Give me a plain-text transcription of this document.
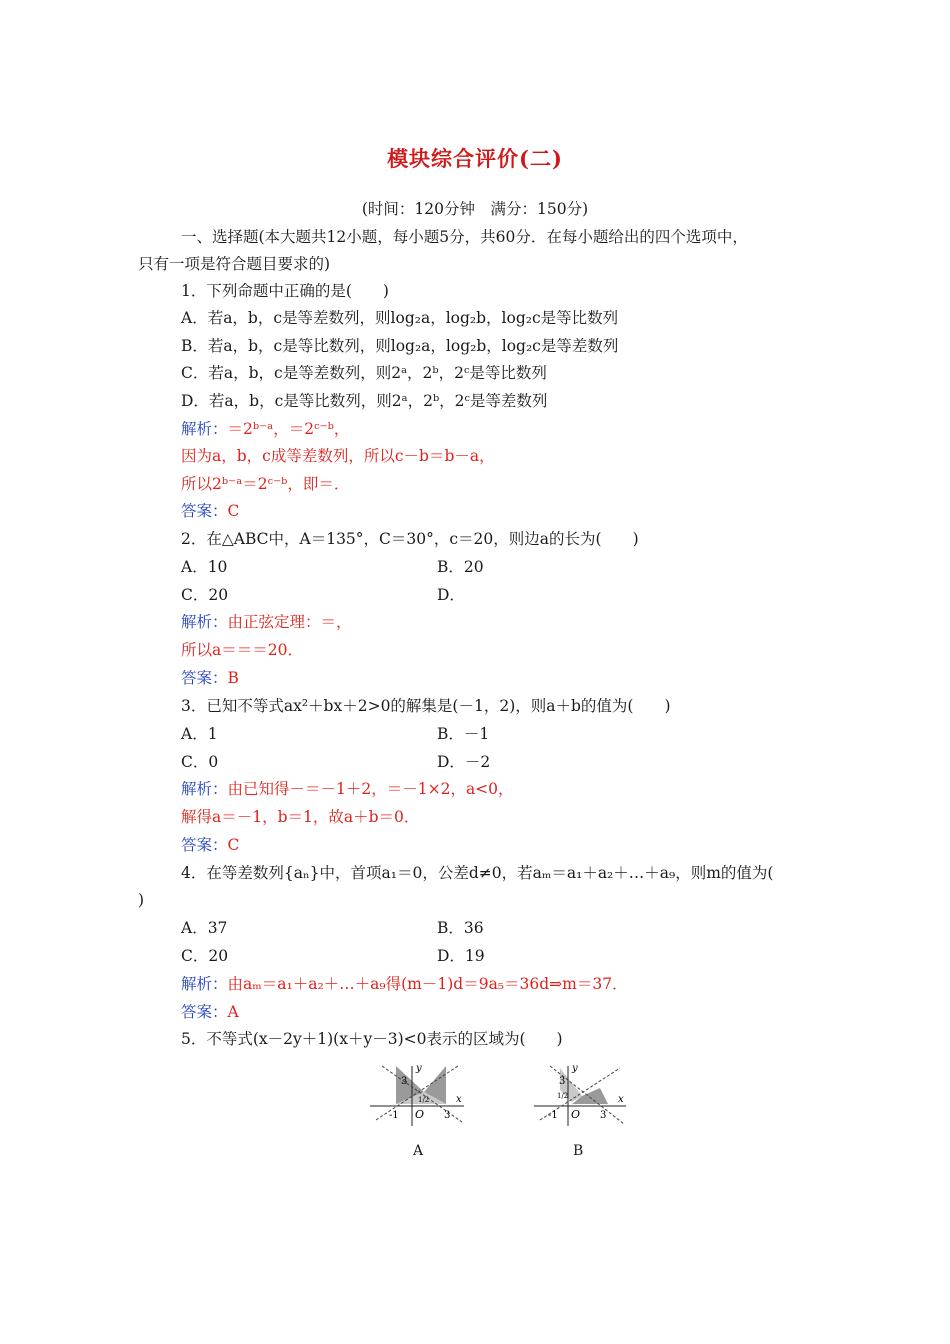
模块综合评价(二)
(时间：120分钟　满分：150分)
一、选择题(本大题共12小题，每小题5分，共60分．在每小题给出的四个选项中，
只有一项是符合题目要求的)
1．下列命题中正确的是(　　)
A．若a，b，c是等差数列，则log₂a，log₂b，log₂c是等比数列
B．若a，b，c是等比数列，则log₂a，log₂b，log₂c是等差数列
C．若a，b，c是等差数列，则2ᵃ，2ᵇ，2ᶜ是等比数列
D．若a，b，c是等比数列，则2ᵃ，2ᵇ，2ᶜ是等差数列
解析：＝2ᵇ⁻ᵃ，＝2ᶜ⁻ᵇ，
因为a，b，c成等差数列，所以c－b＝b－a，
所以2ᵇ⁻ᵃ＝2ᶜ⁻ᵇ，即＝．
答案：C
2．在△ABC中，A＝135°，C＝30°，c＝20，则边a的长为(　　)
A．10	B．20
C．20	D．
解析：由正弦定理：＝，
所以a＝＝＝20．
答案：B
3．已知不等式ax²＋bx＋2>0的解集是(－1，2)，则a＋b的值为(　　)
A．1	B．－1
C．0	D．－2
解析：由已知得－＝－1＋2，＝－1×2，a<0，
解得a＝－1，b＝1，故a＋b＝0．
答案：C
4．在等差数列{aₙ}中，首项a₁＝0，公差d≠0，若aₘ＝a₁＋a₂＋…＋a₉，则m的值为(
)
A．37	B．36
C．20	D．19
解析：由aₘ＝a₁＋a₂＋…＋a₉得(m－1)d＝9a₅＝36d⇒m＝37．
答案：A
5．不等式(x－2y＋1)(x＋y－3)<0表示的区域为(　　)
y
x
O
-1	3
3
1/2
A
y
x
O
-1	3
3
1/2
B
